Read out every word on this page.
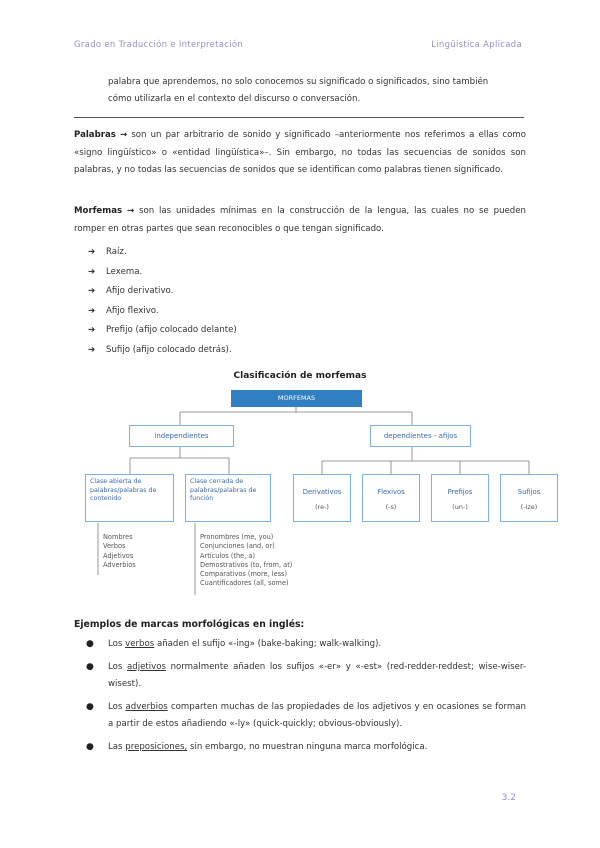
Grado en Traducción e Interpretación	Lingüística Aplicada
palabra que aprendemos, no solo conocemos su significado o significados, sino también
cómo utilizarla en el contexto del discurso o conversación.
Palabras → son un par arbitrario de sonido y significado –anteriormente nos referimos a ellas como «signo lingüístico» o «entidad lingüística»–. Sin embargo, no todas las secuencias de sonidos son palabras, y no todas las secuencias de sonidos que se identifican como palabras tienen significado.
Morfemas → son las unidades mínimas en la construcción de la lengua, las cuales no se pueden romper en otras partes que sean reconocibles o que tengan significado.
➔ Raíz.
➔ Lexema.
➔ Afijo derivativo.
➔ Afijo flexivo.
➔ Prefijo (afijo colocado delante)
➔ Sufijo (afijo colocado detrás).
Clasificación de morfemas
MORFEMAS
independientes	dependientes - afijos
Clase abierta de palabras/palabras de contenido
Clase cerrada de palabras/palabras de función
Derivativos
(re-)
Flexivos
(-s)
Prefijos
(un-)
Sufijos
(-ize)
Nombres
Verbos
Adjetivos
Adverbios
Pronombres (me, you)
Conjunciones (and, or)
Artículos (the, a)
Demostrativos (to, from, at)
Comparativos (more, less)
Cuantificadores (all, some)
Ejemplos de marcas morfológicas en inglés:
● Los verbos añaden el sufijo «-ing» (bake-baking; walk-walking).
● Los adjetivos normalmente añaden los sufijos «-er» y «-est» (red-redder-reddest; wise-wiser-wisest).
● Los adverbios comparten muchas de las propiedades de los adjetivos y en ocasiones se forman a partir de estos añadiendo «-ly» (quick-quickly; obvious-obviously).
● Las preposiciones, sin embargo, no muestran ninguna marca morfológica.
3.2
